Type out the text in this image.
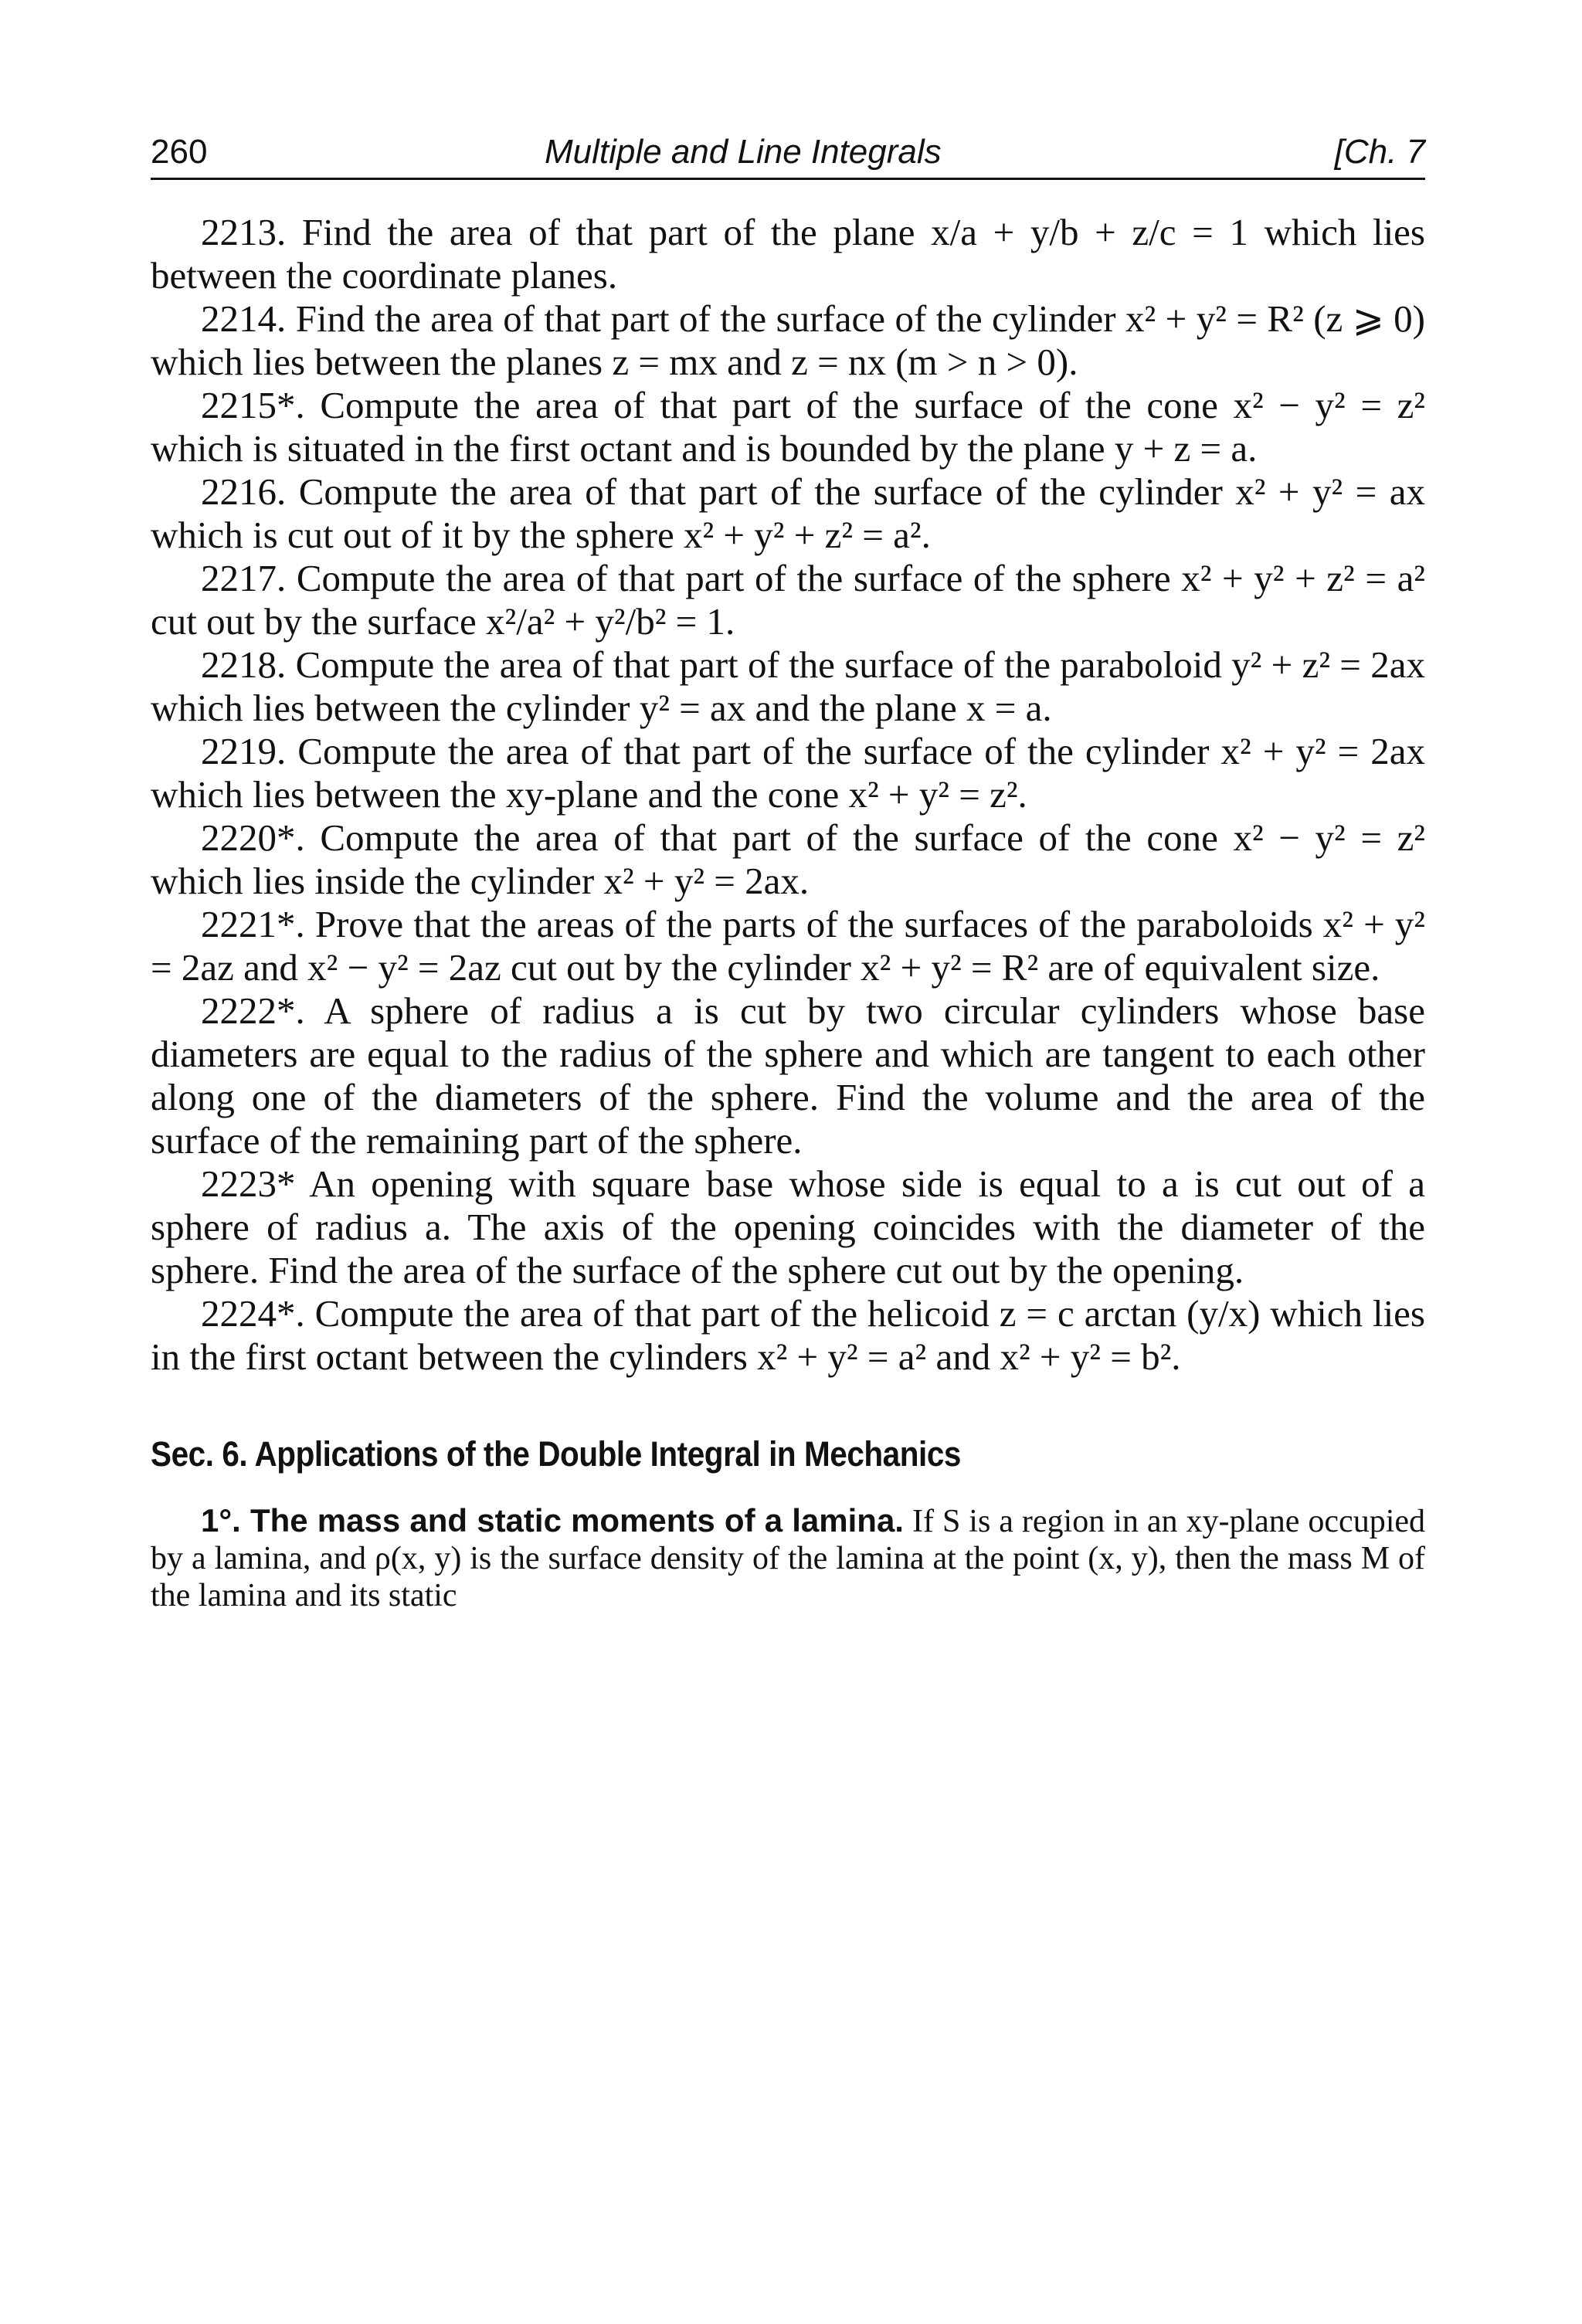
260	Multiple and Line Integrals	[Ch. 7

2213. Find the area of that part of the plane x/a + y/b + z/c = 1 which lies between the coordinate planes.

2214. Find the area of that part of the surface of the cylinder x² + y² = R² (z ⩾ 0) which lies between the planes z = mx and z = nx (m > n > 0).

2215*. Compute the area of that part of the surface of the cone x² − y² = z² which is situated in the first octant and is bounded by the plane y + z = a.

2216. Compute the area of that part of the surface of the cylinder x² + y² = ax which is cut out of it by the sphere x² + y² + z² = a².

2217. Compute the area of that part of the surface of the sphere x² + y² + z² = a² cut out by the surface x²/a² + y²/b² = 1.

2218. Compute the area of that part of the surface of the paraboloid y² + z² = 2ax which lies between the cylinder y² = ax and the plane x = a.

2219. Compute the area of that part of the surface of the cylinder x² + y² = 2ax which lies between the xy-plane and the cone x² + y² = z².

2220*. Compute the area of that part of the surface of the cone x² − y² = z² which lies inside the cylinder x² + y² = 2ax.

2221*. Prove that the areas of the parts of the surfaces of the paraboloids x² + y² = 2az and x² − y² = 2az cut out by the cylinder x² + y² = R² are of equivalent size.

2222*. A sphere of radius a is cut by two circular cylinders whose base diameters are equal to the radius of the sphere and which are tangent to each other along one of the diameters of the sphere. Find the volume and the area of the surface of the remaining part of the sphere.

2223* An opening with square base whose side is equal to a is cut out of a sphere of radius a. The axis of the opening coincides with the diameter of the sphere. Find the area of the surface of the sphere cut out by the opening.

2224*. Compute the area of that part of the helicoid z = c arctan (y/x) which lies in the first octant between the cylinders x² + y² = a² and x² + y² = b².

Sec. 6. Applications of the Double Integral in Mechanics

1°. The mass and static moments of a lamina. If S is a region in an xy-plane occupied by a lamina, and ρ(x, y) is the surface density of the lamina at the point (x, y), then the mass M of the lamina and its static
